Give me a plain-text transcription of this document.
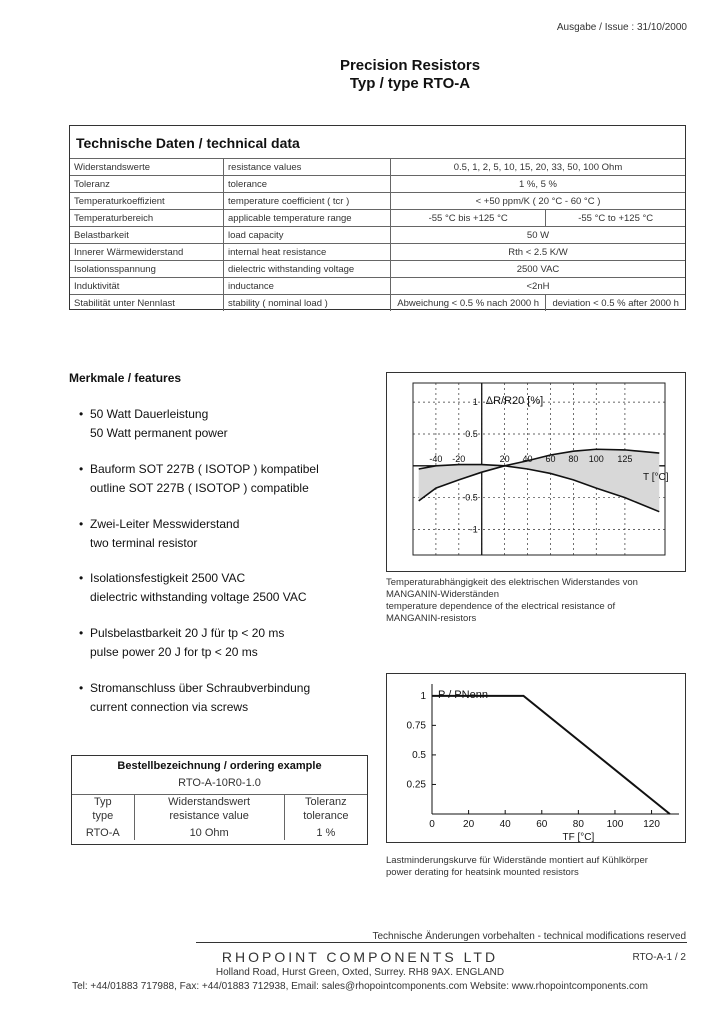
Ausgabe / Issue : 31/10/2000
Precision Resistors
Typ / type RTO-A
Technische Daten / technical data
Widerstandswerte	resistance values	0.5, 1, 2, 5, 10, 15, 20, 33, 50, 100 Ohm	
Toleranz	tolerance	1 %, 5 %	
Temperaturkoeffizient	temperature coefficient ( tcr )	< +50 ppm/K ( 20 °C - 60 °C )	
Temperaturbereich	applicable temperature range	-55 °C bis +125 °C	-55 °C to +125 °C
Belastbarkeit	load capacity	50 W	
Innerer Wärmewiderstand	internal heat resistance	Rth < 2.5 K/W	
Isolationsspannung	dielectric withstanding voltage	2500 VAC	
Induktivität	inductance	<2nH	
Stabilität unter Nennlast	stability ( nominal load )	Abweichung < 0.5 % nach 2000 h	deviation < 0.5 % after 2000 h
Merkmale / features
• 50 Watt Dauerleistung
50 Watt permanent power
• Bauform SOT 227B ( ISOTOP ) kompatibel
outline SOT 227B ( ISOTOP ) compatible
• Zwei-Leiter Messwiderstand
two terminal resistor
• Isolationsfestigkeit 2500 VAC
dielectric withstanding voltage 2500 VAC
• Pulsbelastbarkeit 20 J für tp < 20 ms
pulse power 20 J for tp < 20 ms
• Stromanschluss über Schraubverbindung
current connection via screws
-40 -20	20 40 60 80 100 125
1
0.5
-0.5
-1
ΔR/R20 [%]
T [°C]
Temperaturabhängigkeit des elektrischen Widerstandes von
MANGANIN-Widerständen
temperature dependence of the electrical resistance of
MANGANIN-resistors
0	20	40	60	80 100 120
1
0.75
0.5
0.25
P / PNenn
TF [°C]
Lastminderungskurve für Widerstände montiert auf Kühlkörper
power derating for heatsink mounted resistors
Bestellbezeichnung / ordering example
RTO-A-10R0-1.0
Typ	Widerstandswert	Toleranz
type	resistance value	tolerance
RTO-A	10 Ohm	1 %
Technische Änderungen vorbehalten - technical modifications reserved
RHOPOINT COMPONENTS LTD	RTO-A-1 / 2
Holland Road, Hurst Green, Oxted, Surrey. RH8 9AX. ENGLAND
Tel: +44/01883 717988, Fax: +44/01883 712938, Email: sales@rhopointcomponents.com Website: www.rhopointcomponents.com
